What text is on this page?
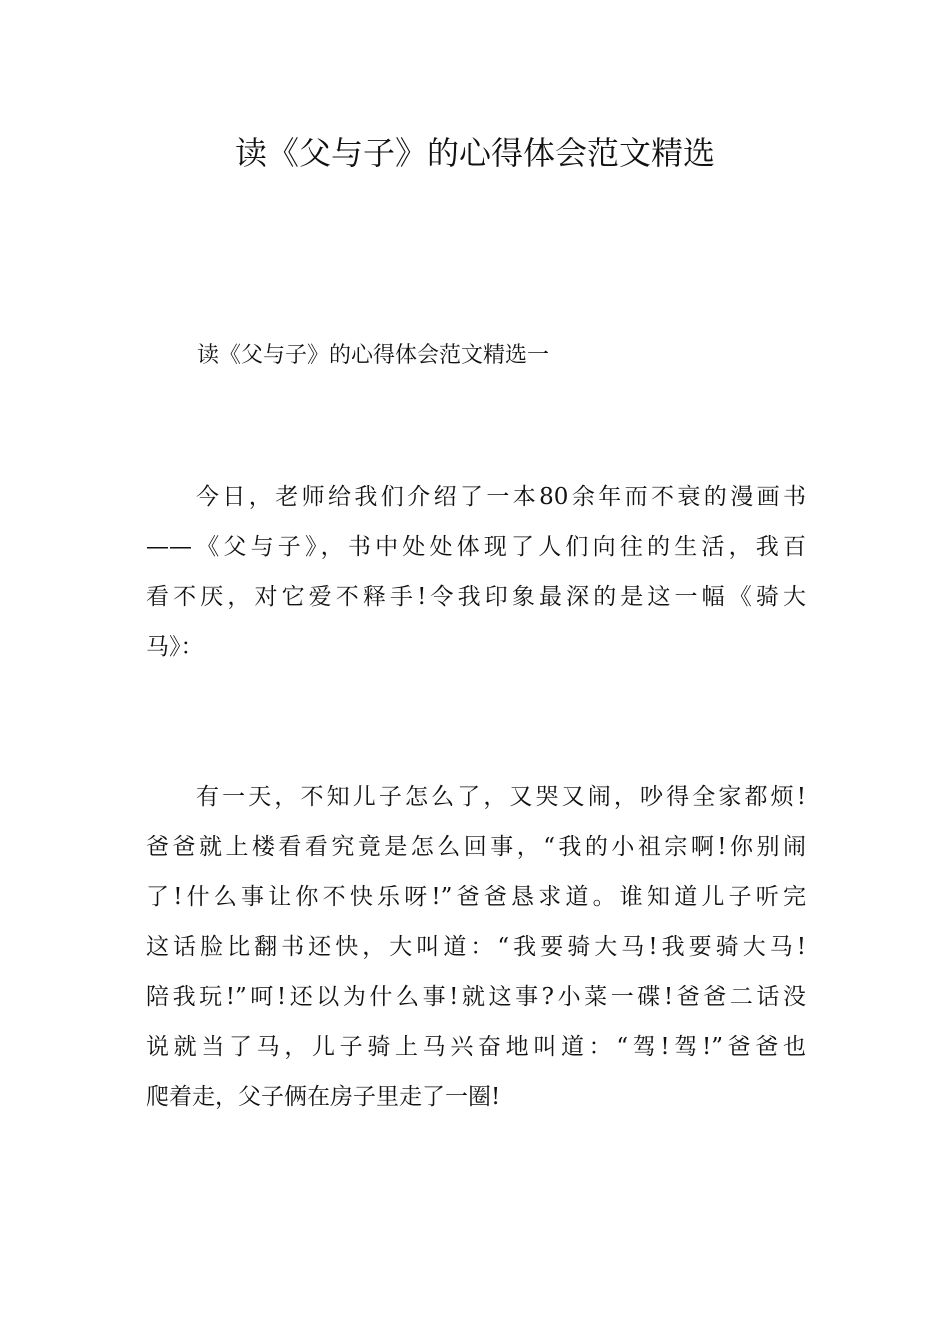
读《父与子》的心得体会范文精选
读《父与子》的心得体会范文精选一
今日，老师给我们介绍了一本80余年而不衰的漫画书
——《父与子》，书中处处体现了人们向往的生活，我百
看不厌，对它爱不释手!令我印象最深的是这一幅《骑大
马》：
有一天，不知儿子怎么了，又哭又闹，吵得全家都烦!
爸爸就上楼看看究竟是怎么回事，“我的小祖宗啊!你别闹
了!什么事让你不快乐呀!”爸爸恳求道。谁知道儿子听完
这话脸比翻书还快，大叫道：“我要骑大马!我要骑大马!
陪我玩!”呵!还以为什么事!就这事?小菜一碟!爸爸二话没
说就当了马，儿子骑上马兴奋地叫道：“驾!驾!”爸爸也
爬着走，父子俩在房子里走了一圈!
